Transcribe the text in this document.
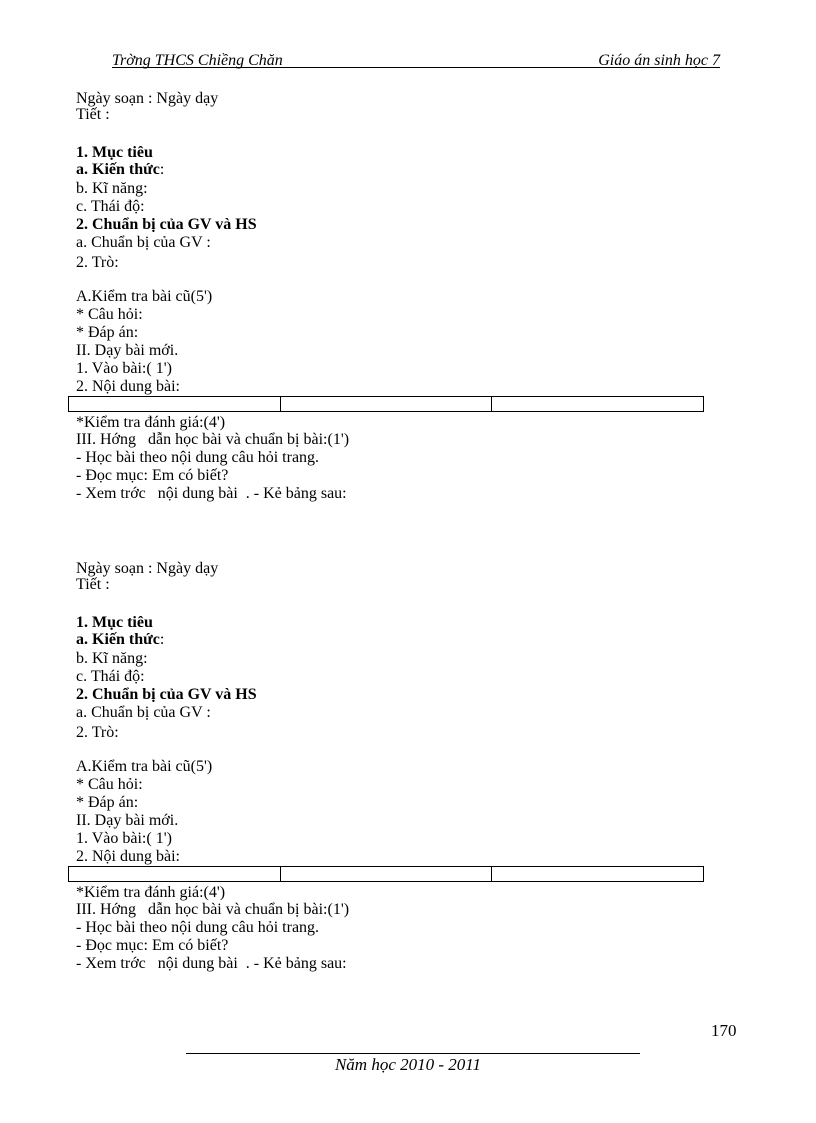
Trờng THCS Chiềng Chăn	Giáo án sinh học 7
Ngày soạn : Ngày dạy
Tiết :
1. Mục tiêu
a. Kiến thức:
b. Kĩ năng:
c. Thái độ:
2. Chuẩn bị của GV và HS
a. Chuẩn bị của GV :
2. Trò:
A.Kiểm tra bài cũ(5')
* Câu hỏi:
* Đáp án:
II. Dạy bài mới.
1. Vào bài:( 1')
2. Nội dung bài:
*Kiểm tra đánh giá:(4')
III. Hớng   dẫn học bài và chuẩn bị bài:(1')
- Học bài theo nội dung câu hỏi trang.
- Đọc mục: Em có biết?
- Xem trớc   nội dung bài  . - Kẻ bảng sau:
Ngày soạn : Ngày dạy
Tiết :
1. Mục tiêu
a. Kiến thức:
b. Kĩ năng:
c. Thái độ:
2. Chuẩn bị của GV và HS
a. Chuẩn bị của GV :
2. Trò:
A.Kiểm tra bài cũ(5')
* Câu hỏi:
* Đáp án:
II. Dạy bài mới.
1. Vào bài:( 1')
2. Nội dung bài:
*Kiểm tra đánh giá:(4')
III. Hớng   dẫn học bài và chuẩn bị bài:(1')
- Học bài theo nội dung câu hỏi trang.
- Đọc mục: Em có biết?
- Xem trớc   nội dung bài  . - Kẻ bảng sau:
170
Năm học 2010 - 2011
